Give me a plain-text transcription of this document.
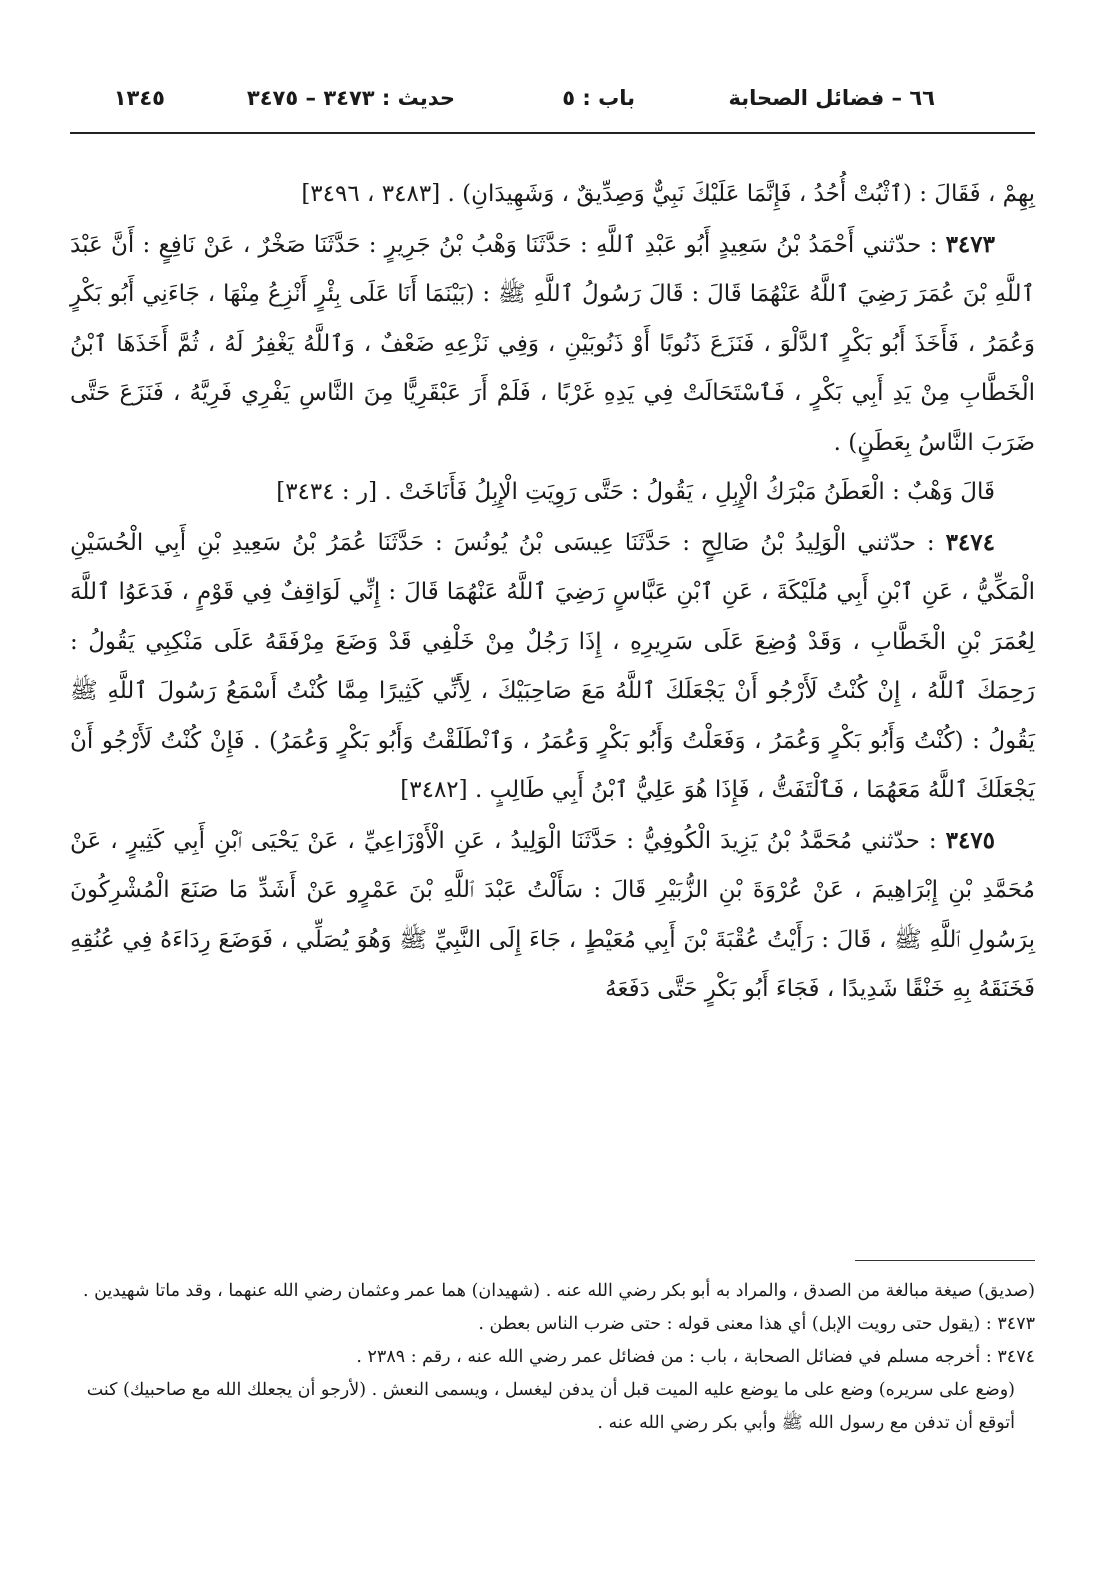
٦٦ – فضائل الصحابة
باب : ٥
حديث : ٣٤٧٣ – ٣٤٧٥
١٣٤٥

بِهِمْ ، فَقَالَ : (ٱثْبُتْ أُحُدُ ، فَإِنَّمَا عَلَيْكَ نَبِيٌّ وَصِدِّيقٌ ، وَشَهِيدَانِ) . [٣٤٨٣ ، ٣٤٩٦]

٣٤٧٣ : حدّثني أَحْمَدُ بْنُ سَعِيدٍ أَبُو عَبْدِ ٱللَّهِ : حَدَّثَنَا وَهْبُ بْنُ جَرِيرٍ : حَدَّثَنَا صَخْرٌ ، عَنْ نَافِعٍ : أَنَّ عَبْدَ ٱللَّهِ بْنَ عُمَرَ رَضِيَ ٱللَّهُ عَنْهُمَا قَالَ : قَالَ رَسُولُ ٱللَّهِ ﷺ : (بَيْنَمَا أَنَا عَلَى بِئْرٍ أَنْزِعُ مِنْهَا ، جَاءَنِي أَبُو بَكْرٍ وَعُمَرُ ، فَأَخَذَ أَبُو بَكْرٍ ٱلدَّلْوَ ، فَنَزَعَ ذَنُوبًا أَوْ ذَنُوبَيْنِ ، وَفِي نَزْعِهِ ضَعْفٌ ، وَٱللَّهُ يَغْفِرُ لَهُ ، ثُمَّ أَخَذَهَا ٱبْنُ الْخَطَّابِ مِنْ يَدِ أَبِي بَكْرٍ ، فَٱسْتَحَالَتْ فِي يَدِهِ غَرْبًا ، فَلَمْ أَرَ عَبْقَرِيًّا مِنَ النَّاسِ يَفْرِي فَرِيَّهُ ، فَنَزَعَ حَتَّى ضَرَبَ النَّاسُ بِعَطَنٍ) .

قَالَ وَهْبٌ : الْعَطَنُ مَبْرَكُ الْإِبِلِ ، يَقُولُ : حَتَّى رَوِيَتِ الْإِبِلُ فَأَنَاخَتْ . [ر : ٣٤٣٤]

٣٤٧٤ : حدّثني الْوَلِيدُ بْنُ صَالِحٍ : حَدَّثَنَا عِيسَى بْنُ يُونُسَ : حَدَّثَنَا عُمَرُ بْنُ سَعِيدِ بْنِ أَبِي الْحُسَيْنِ الْمَكِّيُّ ، عَنِ ٱبْنِ أَبِي مُلَيْكَةَ ، عَنِ ٱبْنِ عَبَّاسٍ رَضِيَ ٱللَّهُ عَنْهُمَا قَالَ : إِنِّي لَوَاقِفٌ فِي قَوْمٍ ، فَدَعَوُا ٱللَّهَ لِعُمَرَ بْنِ الْخَطَّابِ ، وَقَدْ وُضِعَ عَلَى سَرِيرِهِ ، إِذَا رَجُلٌ مِنْ خَلْفِي قَدْ وَضَعَ مِرْفَقَهُ عَلَى مَنْكِبِي يَقُولُ : رَحِمَكَ ٱللَّهُ ، إِنْ كُنْتُ لَأَرْجُو أَنْ يَجْعَلَكَ ٱللَّهُ مَعَ صَاحِبَيْكَ ، لِأَنِّي كَثِيرًا مِمَّا كُنْتُ أَسْمَعُ رَسُولَ ٱللَّهِ ﷺ يَقُولُ : (كُنْتُ وَأَبُو بَكْرٍ وَعُمَرُ ، وَفَعَلْتُ وَأَبُو بَكْرٍ وَعُمَرُ ، وَٱنْطَلَقْتُ وَأَبُو بَكْرٍ وَعُمَرُ) . فَإِنْ كُنْتُ لَأَرْجُو أَنْ يَجْعَلَكَ ٱللَّهُ مَعَهُمَا ، فَٱلْتَفَتُّ ، فَإِذَا هُوَ عَلِيُّ ٱبْنُ أَبِي طَالِبٍ . [٣٤٨٢]

٣٤٧٥ : حدّثني مُحَمَّدُ بْنُ يَزِيدَ الْكُوفِيُّ : حَدَّثَنَا الْوَلِيدُ ، عَنِ الْأَوْزَاعِيِّ ، عَنْ يَحْيَى ٱبْنِ أَبِي كَثِيرٍ ، عَنْ مُحَمَّدِ بْنِ إِبْرَاهِيمَ ، عَنْ عُرْوَةَ بْنِ الزُّبَيْرِ قَالَ : سَأَلْتُ عَبْدَ ٱللَّهِ بْنَ عَمْرٍو عَنْ أَشَدِّ مَا صَنَعَ الْمُشْرِكُونَ بِرَسُولِ ٱللَّهِ ﷺ ، قَالَ : رَأَيْتُ عُقْبَةَ بْنَ أَبِي مُعَيْطٍ ، جَاءَ إِلَى النَّبِيِّ ﷺ وَهُوَ يُصَلِّي ، فَوَضَعَ رِدَاءَهُ فِي عُنُقِهِ فَخَنَقَهُ بِهِ خَنْقًا شَدِيدًا ، فَجَاءَ أَبُو بَكْرٍ حَتَّى دَفَعَهُ

(صديق) صيغة مبالغة من الصدق ، والمراد به أبو بكر رضي الله عنه . (شهيدان) هما عمر وعثمان رضي الله عنهما ، وقد ماتا شهيدين .

٣٤٧٣ : (يقول حتى رويت الإبل) أي هذا معنى قوله : حتى ضرب الناس بعطن .

٣٤٧٤ : أخرجه مسلم في فضائل الصحابة ، باب : من فضائل عمر رضي الله عنه ، رقم : ٢٣٨٩ .

(وضع على سريره) وضع على ما يوضع عليه الميت قبل أن يدفن ليغسل ، ويسمى النعش . (لأرجو أن يجعلك الله مع صاحبيك) كنت أتوقع أن تدفن مع رسول الله ﷺ وأبي بكر رضي الله عنه .
